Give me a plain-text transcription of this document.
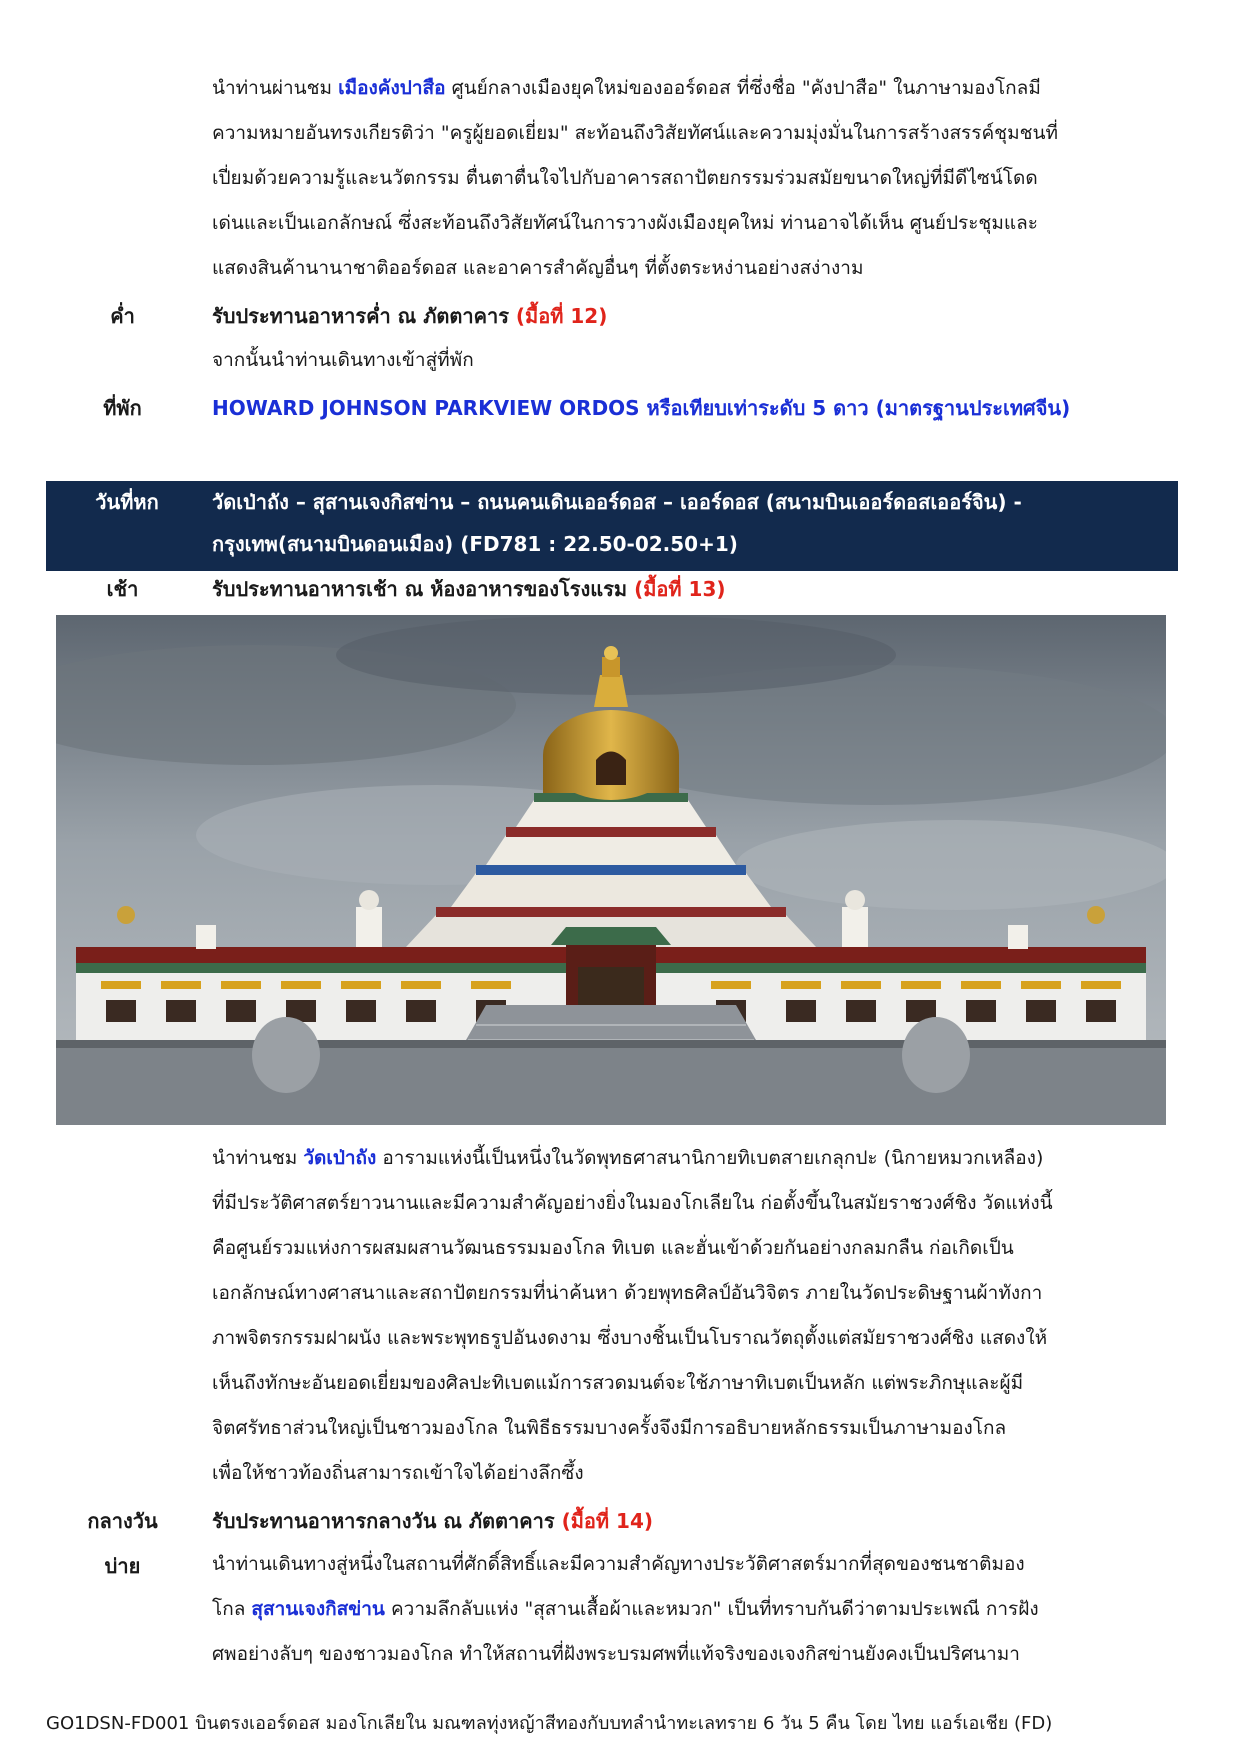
นำท่านผ่านชม เมืองคังปาสือ ศูนย์กลางเมืองยุคใหม่ของออร์ดอส ที่ซึ่งชื่อ "คังปาสือ" ในภาษามองโกลมี
ความหมายอันทรงเกียรติว่า "ครูผู้ยอดเยี่ยม" สะท้อนถึงวิสัยทัศน์และความมุ่งมั่นในการสร้างสรรค์ชุมชนที่
เปี่ยมด้วยความรู้และนวัตกรรม ตื่นตาตื่นใจไปกับอาคารสถาปัตยกรรมร่วมสมัยขนาดใหญ่ที่มีดีไซน์โดด
เด่นและเป็นเอกลักษณ์ ซึ่งสะท้อนถึงวิสัยทัศน์ในการวางผังเมืองยุคใหม่ ท่านอาจได้เห็น ศูนย์ประชุมและ
แสดงสินค้านานาชาติออร์ดอส และอาคารสำคัญอื่นๆ ที่ตั้งตระหง่านอย่างสง่างาม
ค่ำ	รับประทานอาหารค่ำ ณ ภัตตาคาร (มื้อที่ 12)
จากนั้นนำท่านเดินทางเข้าสู่ที่พัก
ที่พัก	HOWARD JOHNSON PARKVIEW ORDOS หรือเทียบเท่าระดับ 5 ดาว (มาตรฐานประเทศจีน)
วันที่หก	วัดเป่าถัง – สุสานเจงกิสข่าน – ถนนคนเดินเออร์ดอส – เออร์ดอส (สนามบินเออร์ดอสเออร์จิน) -
กรุงเทพ(สนามบินดอนเมือง) (FD781 : 22.50-02.50+1)
เช้า	รับประทานอาหารเช้า ณ ห้องอาหารของโรงแรม (มื้อที่ 13)
นำท่านชม วัดเป่าถัง อารามแห่งนี้เป็นหนึ่งในวัดพุทธศาสนานิกายทิเบตสายเกลุกปะ (นิกายหมวกเหลือง)
ที่มีประวัติศาสตร์ยาวนานและมีความสำคัญอย่างยิ่งในมองโกเลียใน ก่อตั้งขึ้นในสมัยราชวงศ์ชิง วัดแห่งนี้
คือศูนย์รวมแห่งการผสมผสานวัฒนธรรมมองโกล ทิเบต และฮั่นเข้าด้วยกันอย่างกลมกลืน ก่อเกิดเป็น
เอกลักษณ์ทางศาสนาและสถาปัตยกรรมที่น่าค้นหา ด้วยพุทธศิลป์อันวิจิตร ภายในวัดประดิษฐานผ้าทังกา
ภาพจิตรกรรมฝาผนัง และพระพุทธรูปอันงดงาม ซึ่งบางชิ้นเป็นโบราณวัตถุตั้งแต่สมัยราชวงศ์ชิง แสดงให้
เห็นถึงทักษะอันยอดเยี่ยมของศิลปะทิเบตแม้การสวดมนต์จะใช้ภาษาทิเบตเป็นหลัก แต่พระภิกษุและผู้มี
จิตศรัทธาส่วนใหญ่เป็นชาวมองโกล ในพิธีธรรมบางครั้งจึงมีการอธิบายหลักธรรมเป็นภาษามองโกล
เพื่อให้ชาวท้องถิ่นสามารถเข้าใจได้อย่างลึกซึ้ง
กลางวัน	รับประทานอาหารกลางวัน ณ ภัตตาคาร (มื้อที่ 14)
บ่าย	นำท่านเดินทางสู่หนึ่งในสถานที่ศักดิ์สิทธิ์และมีความสำคัญทางประวัติศาสตร์มากที่สุดของชนชาติมอง
โกล สุสานเจงกิสข่าน ความลึกลับแห่ง "สุสานเสื้อผ้าและหมวก" เป็นที่ทราบกันดีว่าตามประเพณี การฝัง
ศพอย่างลับๆ ของชาวมองโกล ทำให้สถานที่ฝังพระบรมศพที่แท้จริงของเจงกิสข่านยังคงเป็นปริศนามา
GO1DSN-FD001 บินตรงเออร์ดอส มองโกเลียใน มณฑลทุ่งหญ้าสีทองกับบทลำนำทะเลทราย 6 วัน 5 คืน โดย ไทย แอร์เอเชีย (FD)
